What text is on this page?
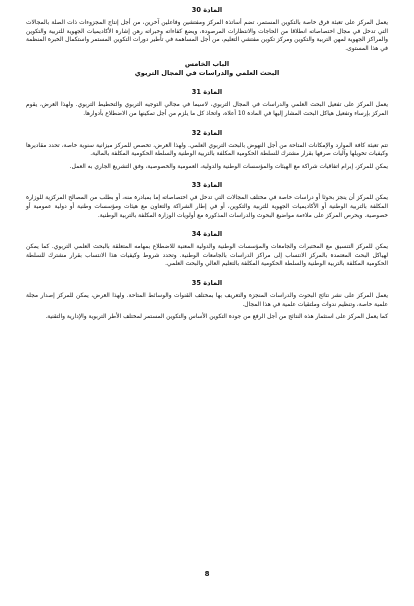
المادة 30

يعمل المركز على تعبئة فرق خاصة بالتكوين المستمر، تضم أساتذة المركز ومفتشين وفاعلين آخرين، من أجل إنتاج المجزوءات ذات الصلة بالمجالات التي تدخل في مجال اختصاصاته انطلاقا من الحاجات والانتظارات المرصودة، ويضع كفاءاته وخبراته رهن إشارة الأكاديميات الجهوية للتربية والتكوين والمراكز الجهوية لمهن التربية والتكوين ومركز تكوين مفتشي التعليم، من أجل المساهمة في تأطير دورات التكوين المستمر واستكمال الخبرة المنظمة في هذا المستوى.

الباب الخامس
البحث العلمي والدراسات في المجال التربوي
المادة 31

يعمل المركز على تفعيل البحث العلمي والدراسات في المجال التربوي، لاسيما في مجالي التوجيه التربوي والتخطيط التربوي. ولهذا الغرض، يقوم المركز بإرساء وتفعيل هياكل البحث المشار إليها في المادة 10 أعلاه، واتخاذ كل ما يلزم من أجل تمكينها من الاضطلاع بأدوارها.

المادة 32

تتم تعبئة كافة الموارد والإمكانات المتاحة من أجل النهوض بالبحث التربوي العلمي. ولهذا الغرض، تخصص للمركز ميزانية سنوية خاصة، تحدد مقاديرها وكيفيات تخويلها وآليات صرفها بقرار مشترك للسلطة الحكومية المكلفة بالتربية الوطنية والسلطة الحكومية المكلفة بالمالية.

يمكن للمركز، إبرام اتفاقيات شراكة مع الهيئات والمؤسسات الوطنية والدولية، العمومية والخصوصية، وفق التشريع الجاري به العمل.

المادة 33

يمكن للمركز أن ينجز بحوثا أو دراسات خاصة في مختلف المجالات التي تدخل في اختصاصاته إما بمبادرة منه، أو بطلب من المصالح المركزية للوزارة المكلفة بالتربية الوطنية أو الأكاديميات الجهوية للتربية والتكوين، أو في إطار الشراكة والتعاون مع هيئات ومؤسسات وطنية أو دولية عمومية أو خصوصية. ويحرص المركز على ملاءمة مواضيع البحوث والدراسات المذكورة مع أولويات الوزارة المكلفة بالتربية الوطنية.

المادة 34

يمكن للمركز التنسيق مع المختبرات والجامعات والمؤسسات الوطنية والدولية المعنية للاضطلاع بمهامه المتعلقة بالبحث العلمي التربوي. كما يمكن لهياكل البحث المعتمدة بالمركز الانتساب إلى مراكز الدراسات بالجامعات الوطنية. وتحدد شروط وكيفيات هذا الانتساب بقرار مشترك للسلطة الحكومية المكلفة بالتربية الوطنية والسلطة الحكومية المكلفة بالتعليم العالي والبحث العلمي.

المادة 35

يعمل المركز على نشر نتائج البحوث والدراسات المنجزة والتعريف بها بمختلف القنوات والوسائط المتاحة. ولهذا الغرض، يمكن للمركز إصدار مجلة علمية خاصة، وتنظيم ندوات وملتقيات علمية في هذا المجال.

كما يعمل المركز على استثمار هذه النتائج من أجل الرفع من جودة التكوين الأساس والتكوين المستمر لمختلف الأطر التربوية والإدارية والتقنية.

8
